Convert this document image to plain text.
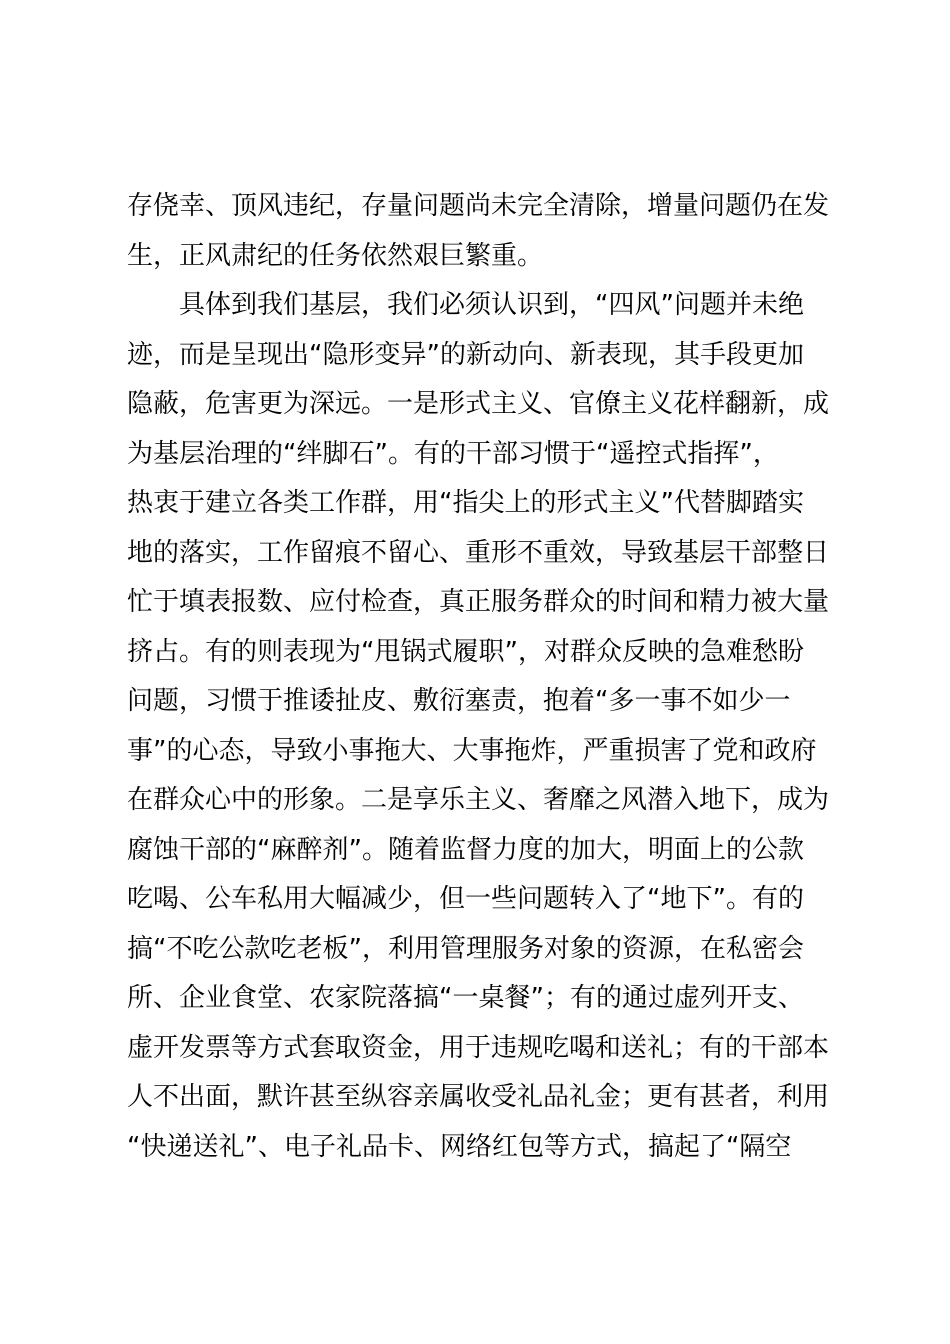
存侥幸、顶风违纪，存量问题尚未完全清除，增量问题仍在发
生，正风肃纪的任务依然艰巨繁重。
具体到我们基层，我们必须认识到，“四风”问题并未绝
迹，而是呈现出“隐形变异”的新动向、新表现，其手段更加
隐蔽，危害更为深远。一是形式主义、官僚主义花样翻新，成
为基层治理的“绊脚石”。有的干部习惯于“遥控式指挥”，
热衷于建立各类工作群，用“指尖上的形式主义”代替脚踏实
地的落实，工作留痕不留心、重形不重效，导致基层干部整日
忙于填表报数、应付检查，真正服务群众的时间和精力被大量
挤占。有的则表现为“甩锅式履职”，对群众反映的急难愁盼
问题，习惯于推诿扯皮、敷衍塞责，抱着“多一事不如少一
事”的心态，导致小事拖大、大事拖炸，严重损害了党和政府
在群众心中的形象。二是享乐主义、奢靡之风潜入地下，成为
腐蚀干部的“麻醉剂”。随着监督力度的加大，明面上的公款
吃喝、公车私用大幅减少，但一些问题转入了“地下”。有的
搞“不吃公款吃老板”，利用管理服务对象的资源，在私密会
所、企业食堂、农家院落搞“一桌餐”；有的通过虚列开支、
虚开发票等方式套取资金，用于违规吃喝和送礼；有的干部本
人不出面，默许甚至纵容亲属收受礼品礼金；更有甚者，利用
“快递送礼”、电子礼品卡、网络红包等方式，搞起了“隔空
